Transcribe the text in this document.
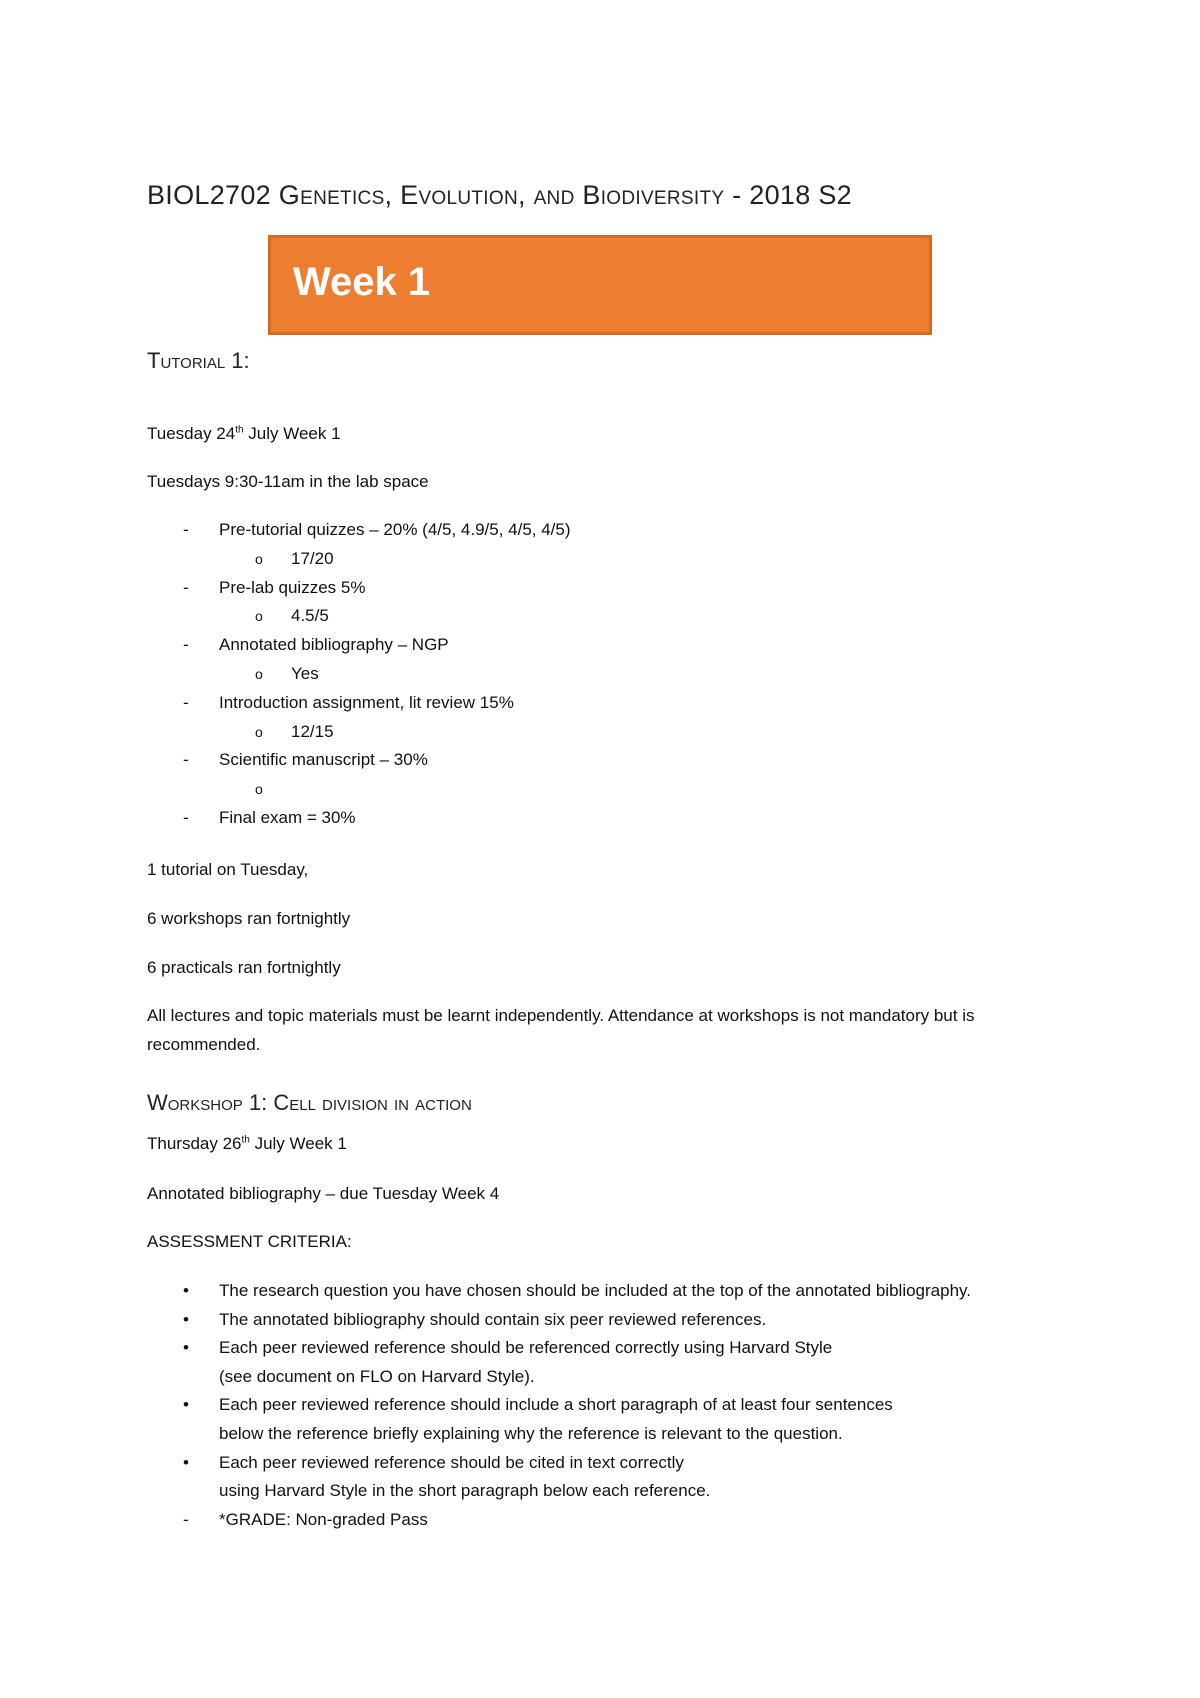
BIOL2702 Genetics, Evolution, and Biodiversity - 2018 S2
Week 1
Tutorial 1:
Tuesday 24th July Week 1
Tuesdays 9:30-11am in the lab space
-	Pre-tutorial quizzes – 20% (4/5, 4.9/5, 4/5, 4/5)
o	17/20
-	Pre-lab quizzes 5%
o	4.5/5
-	Annotated bibliography – NGP
o	Yes
-	Introduction assignment, lit review 15%
o	12/15
-	Scientific manuscript – 30%
o
-	Final exam = 30%
1 tutorial on Tuesday,
6 workshops ran fortnightly
6 practicals ran fortnightly
All lectures and topic materials must be learnt independently. Attendance at workshops is not mandatory but is recommended.
Workshop 1: Cell division in action
Thursday 26th July Week 1
Annotated bibliography – due Tuesday Week 4
ASSESSMENT CRITERIA:
•	The research question you have chosen should be included at the top of the annotated bibliography.
•	The annotated bibliography should contain six peer reviewed references.
•	Each peer reviewed reference should be referenced correctly using Harvard Style
(see document on FLO on Harvard Style).
•	Each peer reviewed reference should include a short paragraph of at least four sentences
below the reference briefly explaining why the reference is relevant to the question.
•	Each peer reviewed reference should be cited in text correctly
using Harvard Style in the short paragraph below each reference.
-	*GRADE: Non-graded Pass
